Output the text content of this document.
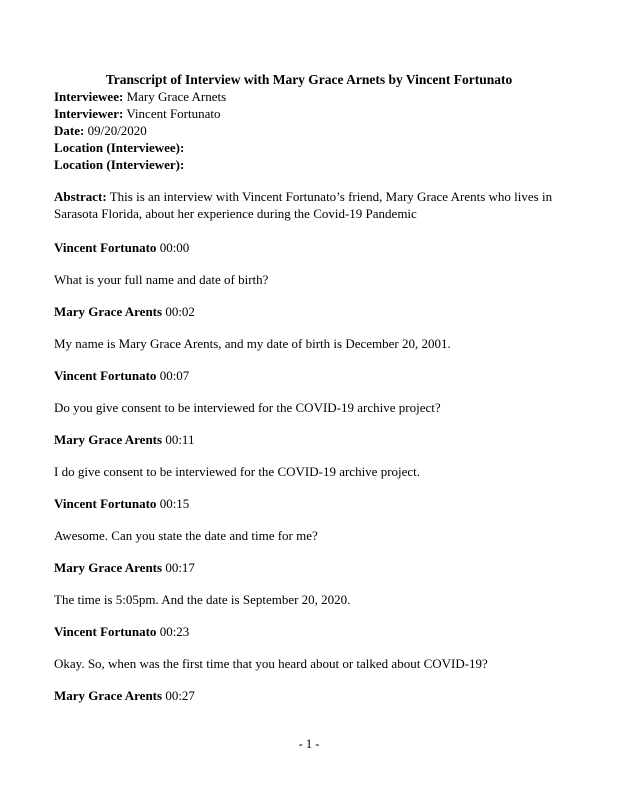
Transcript of Interview with Mary Grace Arnets by Vincent Fortunato

Interviewee: Mary Grace Arnets

Interviewer: Vincent Fortunato

Date: 09/20/2020

Location (Interviewee):

Location (Interviewer):

Abstract: This is an interview with Vincent Fortunato’s friend, Mary Grace Arents who lives in Sarasota Florida, about her experience during the Covid-19 Pandemic

Vincent Fortunato 00:00

What is your full name and date of birth?

Mary Grace Arents 00:02

My name is Mary Grace Arents, and my date of birth is December 20, 2001.

Vincent Fortunato 00:07

Do you give consent to be interviewed for the COVID-19 archive project?

Mary Grace Arents 00:11

I do give consent to be interviewed for the COVID-19 archive project.

Vincent Fortunato 00:15

Awesome. Can you state the date and time for me?

Mary Grace Arents 00:17

The time is 5:05pm. And the date is September 20, 2020.

Vincent Fortunato 00:23

Okay. So, when was the first time that you heard about or talked about COVID-19?

Mary Grace Arents 00:27

- 1 -
